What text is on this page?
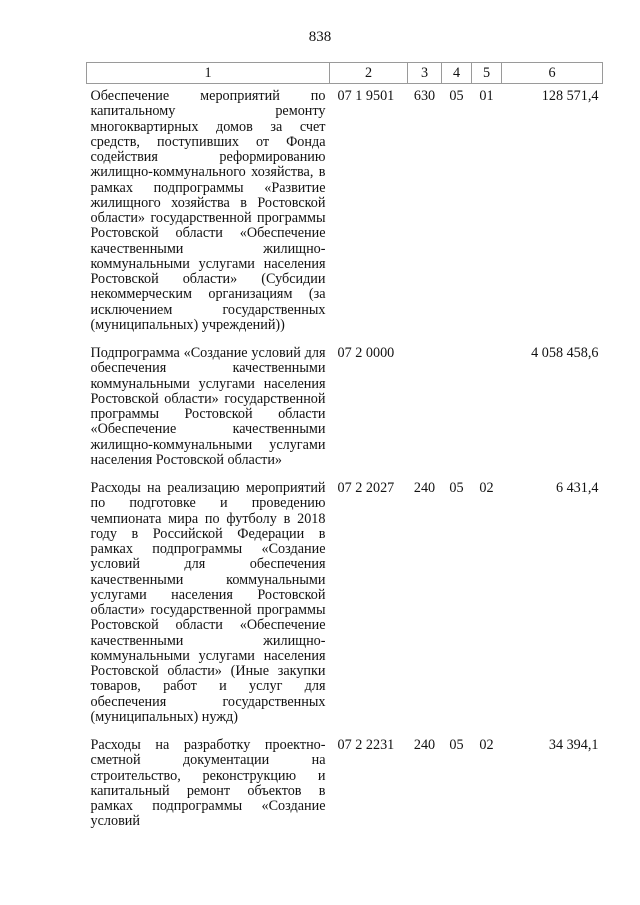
838
1	2	3	4	5	6
Обеспечение мероприятий по капитальному ремонту многоквартирных домов за счет средств, поступивших от Фонда содействия реформированию жилищно-коммунального хозяйства, в рамках подпрограммы «Развитие жилищного хозяйства в Ростовской области» государственной программы Ростовской области «Обеспечение качественными жилищно-коммунальными услугами населения Ростовской области» (Субсидии некоммерческим организациям (за исключением государственных (муниципальных) учреждений))	07 1 9501	630	05	01	128 571,4
Подпрограмма «Создание условий для обеспечения качественными коммунальными услугами населения Ростовской области» государственной программы Ростовской области «Обеспечение качественными жилищно-коммунальными услугами населения Ростовской области»	07 2 0000				4 058 458,6
Расходы на реализацию мероприятий по подготовке и проведению чемпионата мира по футболу в 2018 году в Российской Федерации в рамках подпрограммы «Создание условий для обеспечения качественными коммунальными услугами населения Ростовской области» государственной программы Ростовской области «Обеспечение качественными жилищно-коммунальными услугами населения Ростовской области» (Иные закупки товаров, работ и услуг для обеспечения государственных (муниципальных) нужд)	07 2 2027	240	05	02	6 431,4
Расходы на разработку проектно-сметной документации на строительство, реконструкцию и капитальный ремонт объектов в рамках подпрограммы «Создание условий	07 2 2231	240	05	02	34 394,1
